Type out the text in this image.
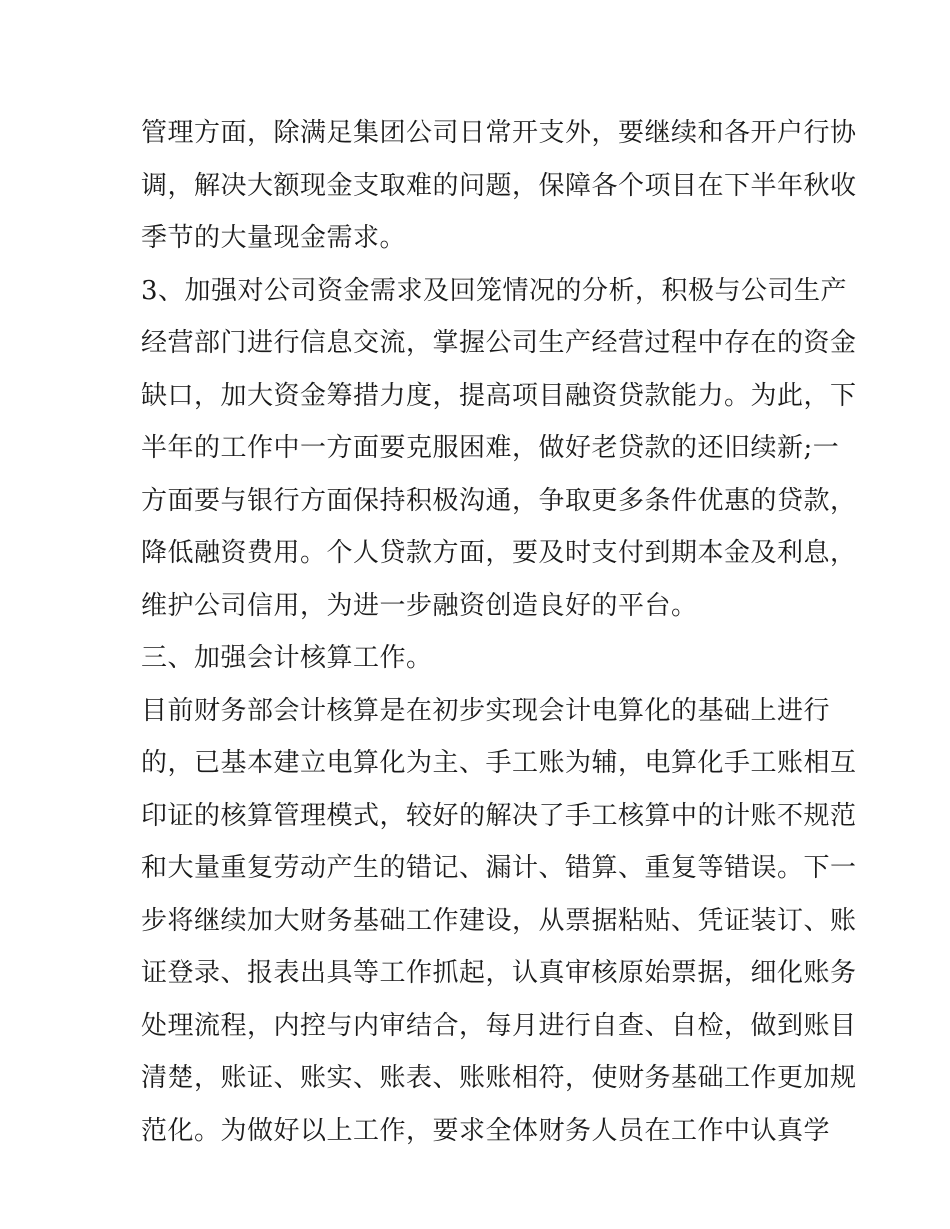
管理方面，除满足集团公司日常开支外，要继续和各开户行协
调，解决大额现金支取难的问题，保障各个项目在下半年秋收
季节的大量现金需求。
3、加强对公司资金需求及回笼情况的分析，积极与公司生产
经营部门进行信息交流，掌握公司生产经营过程中存在的资金
缺口，加大资金筹措力度，提高项目融资贷款能力。为此，下
半年的工作中一方面要克服困难，做好老贷款的还旧续新;一
方面要与银行方面保持积极沟通，争取更多条件优惠的贷款，
降低融资费用。个人贷款方面，要及时支付到期本金及利息，
维护公司信用，为进一步融资创造良好的平台。
三、加强会计核算工作。
目前财务部会计核算是在初步实现会计电算化的基础上进行
的，已基本建立电算化为主、手工账为辅，电算化手工账相互
印证的核算管理模式，较好的解决了手工核算中的计账不规范
和大量重复劳动产生的错记、漏计、错算、重复等错误。下一
步将继续加大财务基础工作建设，从票据粘贴、凭证装订、账
证登录、报表出具等工作抓起，认真审核原始票据，细化账务
处理流程，内控与内审结合，每月进行自查、自检，做到账目
清楚，账证、账实、账表、账账相符，使财务基础工作更加规
范化。为做好以上工作，要求全体财务人员在工作中认真学
